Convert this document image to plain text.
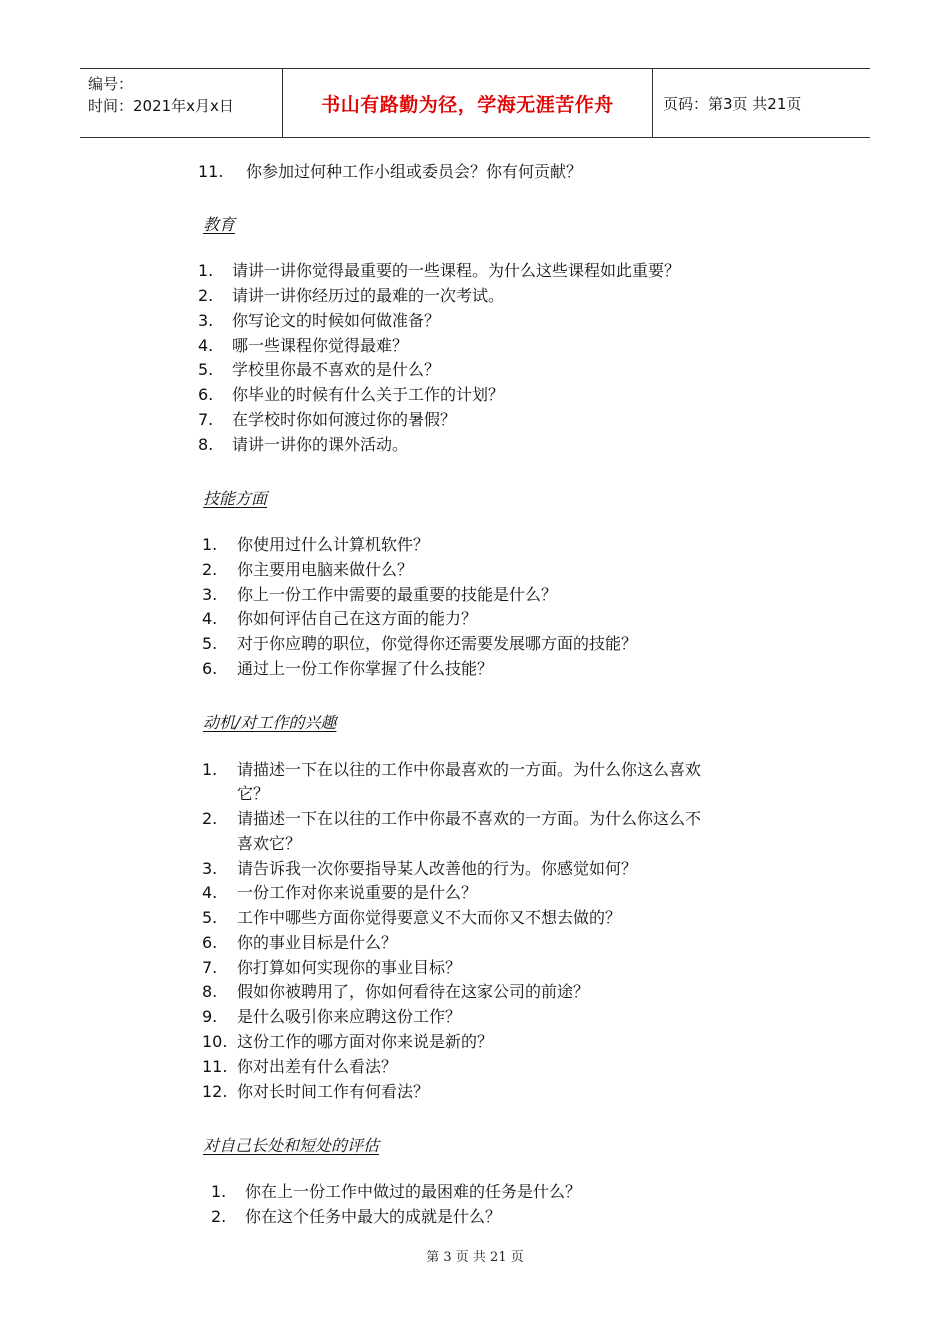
编号：
时间：2021年x月x日	书山有路勤为径，学海无涯苦作舟	页码：第3页 共21页
11. 你参加过何种工作小组或委员会？你有何贡献？
教育
1. 请讲一讲你觉得最重要的一些课程。为什么这些课程如此重要？
2. 请讲一讲你经历过的最难的一次考试。
3. 你写论文的时候如何做准备？
4. 哪一些课程你觉得最难？
5. 学校里你最不喜欢的是什么？
6. 你毕业的时候有什么关于工作的计划？
7. 在学校时你如何渡过你的暑假？
8. 请讲一讲你的课外活动。
技能方面
1. 你使用过什么计算机软件？
2. 你主要用电脑来做什么？
3. 你上一份工作中需要的最重要的技能是什么？
4. 你如何评估自己在这方面的能力？
5. 对于你应聘的职位，你觉得你还需要发展哪方面的技能？
6. 通过上一份工作你掌握了什么技能？
动机/对工作的兴趣
1. 请描述一下在以往的工作中你最喜欢的一方面。为什么你这么喜欢
它？
2. 请描述一下在以往的工作中你最不喜欢的一方面。为什么你这么不
喜欢它？
3. 请告诉我一次你要指导某人改善他的行为。你感觉如何？
4. 一份工作对你来说重要的是什么？
5. 工作中哪些方面你觉得要意义不大而你又不想去做的？
6. 你的事业目标是什么？
7. 你打算如何实现你的事业目标？
8. 假如你被聘用了，你如何看待在这家公司的前途？
9. 是什么吸引你来应聘这份工作？
10. 这份工作的哪方面对你来说是新的？
11. 你对出差有什么看法？
12. 你对长时间工作有何看法？
对自己长处和短处的评估
1. 你在上一份工作中做过的最困难的任务是什么？
2. 你在这个任务中最大的成就是什么？
第 3 页 共 21 页
